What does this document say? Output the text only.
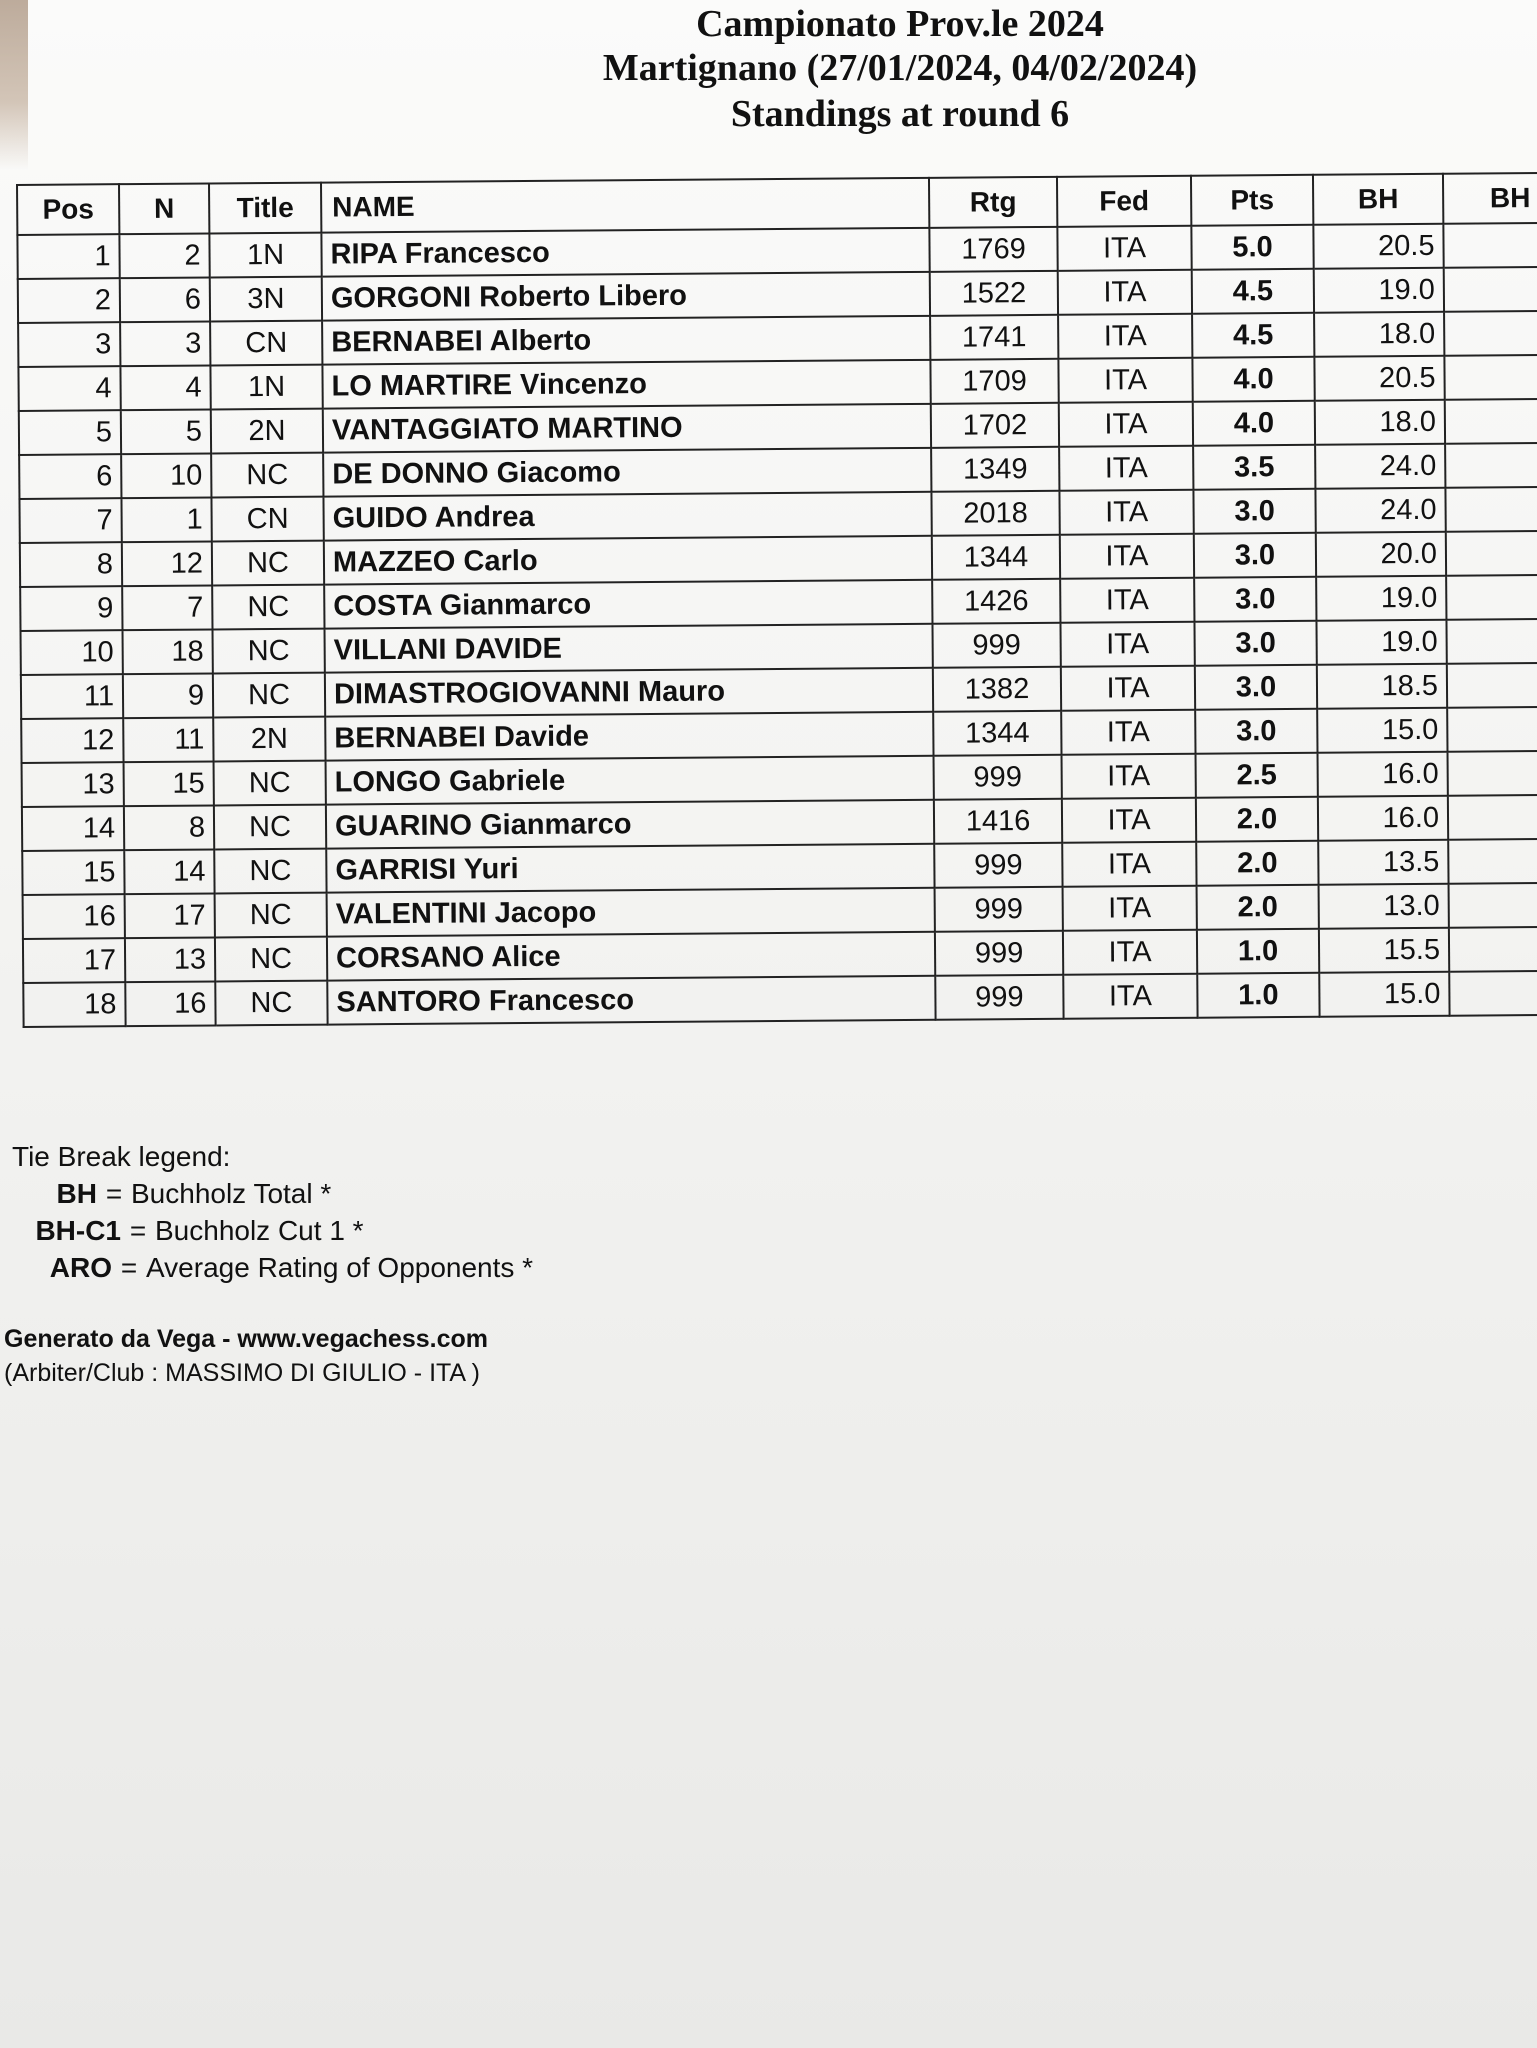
Campionato Prov.le 2024
Martignano (27/01/2024, 04/02/2024)
Standings at round 6
Pos	N	Title	NAME	Rtg	Fed	Pts	BH	BH
1	2	1N	RIPA Francesco	1769	ITA	5.0	20.5	
2	6	3N	GORGONI Roberto Libero	1522	ITA	4.5	19.0	
3	3	CN	BERNABEI Alberto	1741	ITA	4.5	18.0	
4	4	1N	LO MARTIRE Vincenzo	1709	ITA	4.0	20.5	
5	5	2N	VANTAGGIATO MARTINO	1702	ITA	4.0	18.0	
6	10	NC	DE DONNO Giacomo	1349	ITA	3.5	24.0	
7	1	CN	GUIDO Andrea	2018	ITA	3.0	24.0	
8	12	NC	MAZZEO Carlo	1344	ITA	3.0	20.0	
9	7	NC	COSTA Gianmarco	1426	ITA	3.0	19.0	
10	18	NC	VILLANI DAVIDE	999	ITA	3.0	19.0	
11	9	NC	DIMASTROGIOVANNI Mauro	1382	ITA	3.0	18.5	
12	11	2N	BERNABEI Davide	1344	ITA	3.0	15.0	
13	15	NC	LONGO Gabriele	999	ITA	2.5	16.0	
14	8	NC	GUARINO Gianmarco	1416	ITA	2.0	16.0	
15	14	NC	GARRISI Yuri	999	ITA	2.0	13.5	
16	17	NC	VALENTINI Jacopo	999	ITA	2.0	13.0	
17	13	NC	CORSANO Alice	999	ITA	1.0	15.5	
18	16	NC	SANTORO Francesco	999	ITA	1.0	15.0	
Tie Break legend:
BH = Buchholz Total *
BH-C1 = Buchholz Cut 1 *
ARO = Average Rating of Opponents *
Generato da Vega - www.vegachess.com
(Arbiter/Club : MASSIMO DI GIULIO - ITA )
